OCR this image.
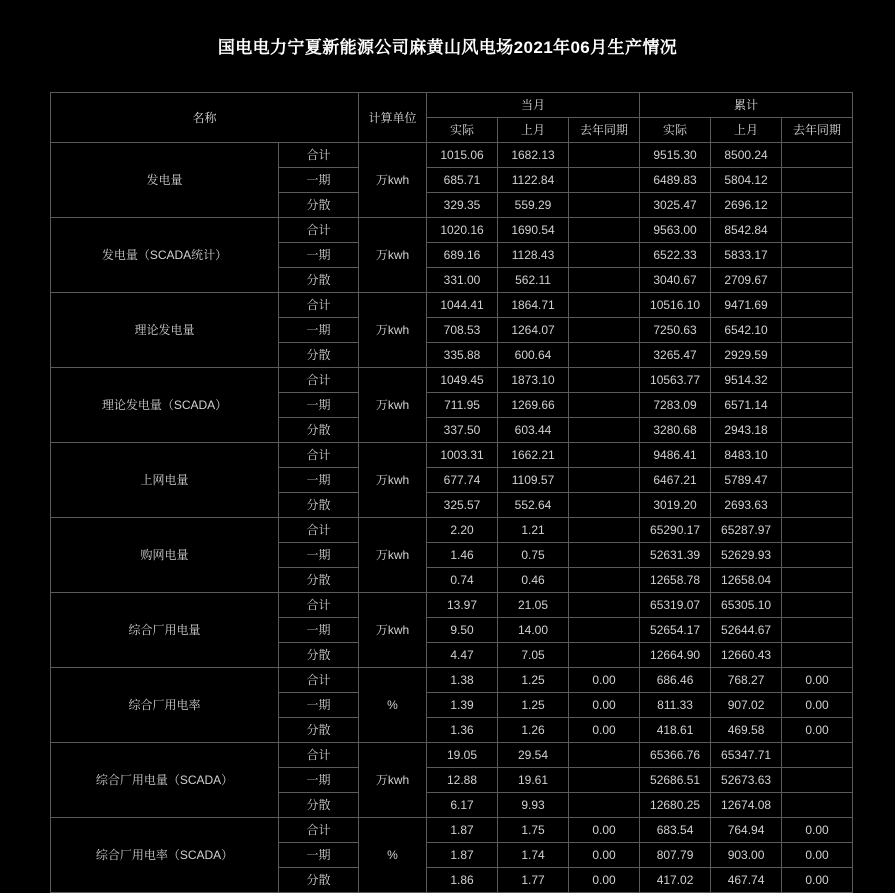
国电电力宁夏新能源公司麻黄山风电场2021年06月生产情况
名称		计算单位	当月			累计		
			实际	上月	去年同期	实际	上月	去年同期
发电量	合计	万kwh	1015.06	1682.13		9515.30	8500.24	
	一期		685.71	1122.84		6489.83	5804.12	
	分散		329.35	559.29		3025.47	2696.12	
发电量（SCADA统计）	合计	万kwh	1020.16	1690.54		9563.00	8542.84	
	一期		689.16	1128.43		6522.33	5833.17	
	分散		331.00	562.11		3040.67	2709.67	
理论发电量	合计	万kwh	1044.41	1864.71		10516.10	9471.69	
	一期		708.53	1264.07		7250.63	6542.10	
	分散		335.88	600.64		3265.47	2929.59	
理论发电量（SCADA）	合计	万kwh	1049.45	1873.10		10563.77	9514.32	
	一期		711.95	1269.66		7283.09	6571.14	
	分散		337.50	603.44		3280.68	2943.18	
上网电量	合计	万kwh	1003.31	1662.21		9486.41	8483.10	
	一期		677.74	1109.57		6467.21	5789.47	
	分散		325.57	552.64		3019.20	2693.63	
购网电量	合计	万kwh	2.20	1.21		65290.17	65287.97	
	一期		1.46	0.75		52631.39	52629.93	
	分散		0.74	0.46		12658.78	12658.04	
综合厂用电量	合计	万kwh	13.97	21.05		65319.07	65305.10	
	一期		9.50	14.00		52654.17	52644.67	
	分散		4.47	7.05		12664.90	12660.43	
综合厂用电率	合计	%	1.38	1.25	0.00	686.46	768.27	0.00
	一期		1.39	1.25	0.00	811.33	907.02	0.00
	分散		1.36	1.26	0.00	418.61	469.58	0.00
综合厂用电量（SCADA）	合计	万kwh	19.05	29.54		65366.76	65347.71	
	一期		12.88	19.61		52686.51	52673.63	
	分散		6.17	9.93		12680.25	12674.08	
综合厂用电率（SCADA）	合计	%	1.87	1.75	0.00	683.54	764.94	0.00
	一期		1.87	1.74	0.00	807.79	903.00	0.00
	分散		1.86	1.77	0.00	417.02	467.74	0.00
